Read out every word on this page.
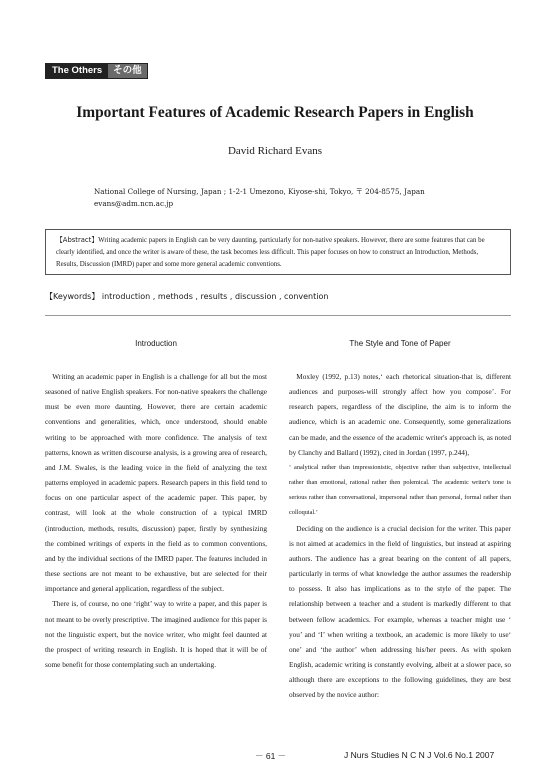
The Others	その他
Important Features of Academic Research Papers in English
David Richard Evans
National College of Nursing, Japan ; 1-2-1 Umezono, Kiyose-shi, Tokyo, 〒 204-8575, Japan
evans@adm.ncn.ac.jp
【Abstract】Writing academic papers in English can be very daunting, particularly for non-native speakers. However, there are some features that can be clearly identified, and once the writer is aware of these, the task becomes less difficult. This paper focuses on how to construct an Introduction, Methods, Results, Discussion (IMRD) paper and some more general academic conventions.
【Keywords】 introduction , methods , results , discussion , convention
Introduction

Writing an academic paper in English is a challenge for all but the most seasoned of native English speakers. For non-native speakers the challenge must be even more daunting. However, there are certain academic conventions and generalities, which, once understood, should enable writing to be approached with more confidence. The analysis of text patterns, known as written discourse analysis, is a growing area of research, and J.M. Swales, is the leading voice in the field of analyzing the text patterns employed in academic papers. Research papers in this field tend to focus on one particular aspect of the academic paper. This paper, by contrast, will look at the whole construction of a typical IMRD (introduction, methods, results, discussion) paper, firstly by synthesizing the combined writings of experts in the field as to common conventions, and by the individual sections of the IMRD paper. The features included in these sections are not meant to be exhaustive, but are selected for their importance and general application, regardless of the subject.

There is, of course, no one ‘right’ way to write a paper, and this paper is not meant to be overly prescriptive. The imagined audience for this paper is not the linguistic expert, but the novice writer, who might feel daunted at the prospect of writing research in English. It is hoped that it will be of some benefit for those contemplating such an undertaking.

The Style and Tone of Paper

Moxley (1992, p.13) notes,‘ each rhetorical situation-that is, different audiences and purposes-will strongly affect how you compose’. For research papers, regardless of the discipline, the aim is to inform the audience, which is an academic one. Consequently, some generalizations can be made, and the essence of the academic writer's approach is, as noted by Clanchy and Ballard (1992), cited in Jordan (1997, p.244),

‘ analytical rather than impressionistic, objective rather than subjective, intellectual rather than emotional, rational rather then polemical. The academic writer's tone is serious rather than conversational, impersonal rather than personal, formal rather than colloquial.’

Deciding on the audience is a crucial decision for the writer. This paper is not aimed at academics in the field of linguistics, but instead at aspiring authors. The audience has a great bearing on the content of all papers, particularly in terms of what knowledge the author assumes the readership to possess. It also has implications as to the style of the paper. The relationship between a teacher and a student is markedly different to that between fellow academics. For example, whereas a teacher might use ‘ you’ and ‘I’ when writing a textbook, an academic is more likely to use‘ one’ and ‘the author’ when addressing his/her peers. As with spoken English, academic writing is constantly evolving, albeit at a slower pace, so although there are exceptions to the following guidelines, they are best observed by the novice author:

－ 61 －	J Nurs Studies N C N J Vol.6 No.1 2007
